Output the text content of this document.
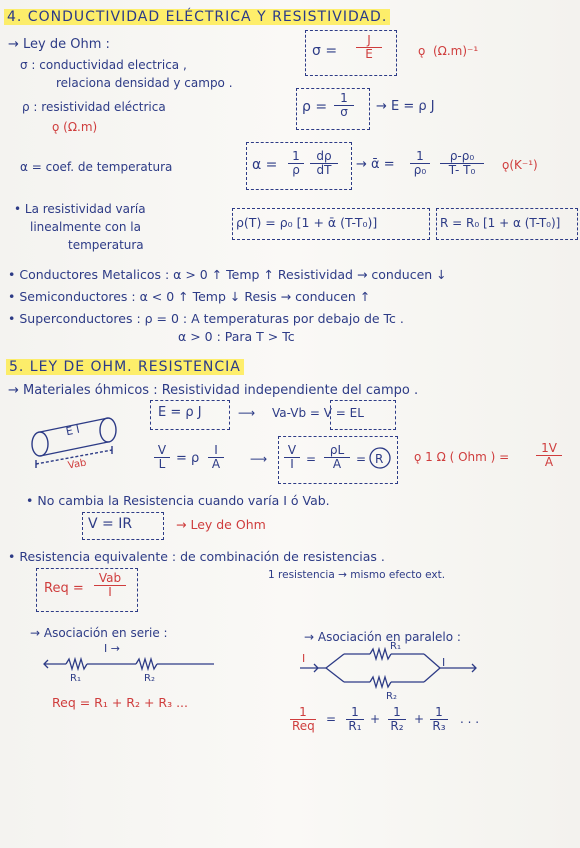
4. CONDUCTIVIDAD ELÉCTRICA Y RESISTIVIDAD.
→ Ley de Ohm :
σ : conductividad electrica ,
relaciona densidad y campo .
$\sigma = \frac{J}{E}$	ǫ  (Ω.m)⁻¹
ρ : resistividad eléctrica
ǫ (Ω.m)
$\rho = \frac{1}{\sigma} \to E = \rho$ J
α = coef. de temperatura	$\alpha = \frac{1}{\rho} \frac{d\rho}{dT}$ → ᾱ = $\frac{1}{\text{ρ₀}} \frac{\text{ρ-ρ₀}}{\text{T- T₀}}$ ǫ(K⁻¹)
• La resistividad varía
linealmente con la
temperatura
ρ(T) = ρ₀ [1 + ᾱ (T-T₀)]	R = R₀ [1 + α (T-T₀)]
• Conductores Metalicos : α > 0 ↑ Temp ↑ Resistividad → conducen ↓
• Semiconductores : α < 0 ↑ Temp ↓ Resis → conducen ↑
• Superconductores : ρ = 0 : A temperaturas por debajo de Tc .
α > 0 : Para T > Tc
5. LEY DE OHM. RESISTENCIA
→ Materiales óhmicos : Resistividad independiente del campo .
E I
Vab
E = ρ J	⟶ Va-Vb = V = EL
$\frac{V}{L} = \rho \frac{I}{A}$ ⟶ $\frac{V}{I} = \frac{\rho L}{A} = R$	ǫ 1 Ω ( Ohm ) = $\frac{1V}{A}$
• No cambia la Resistencia cuando varía I ó Vab.
V = IR	→ Ley de Ohm
• Resistencia equivalente : de combinación de resistencias .
1 resistencia → mismo efecto ext.
Req =
Vab
I
→ Asociación en serie :
I →
R₁	R₂
Req = R₁ + R₂ + R₃ ...
→ Asociación en paralelo :
I	I
R₁
R₂
1
Req = $\frac{1}{\text{R₁}} + \frac{1}{\text{R₂}} + \frac{1}{\text{R₃}}$ . . .
